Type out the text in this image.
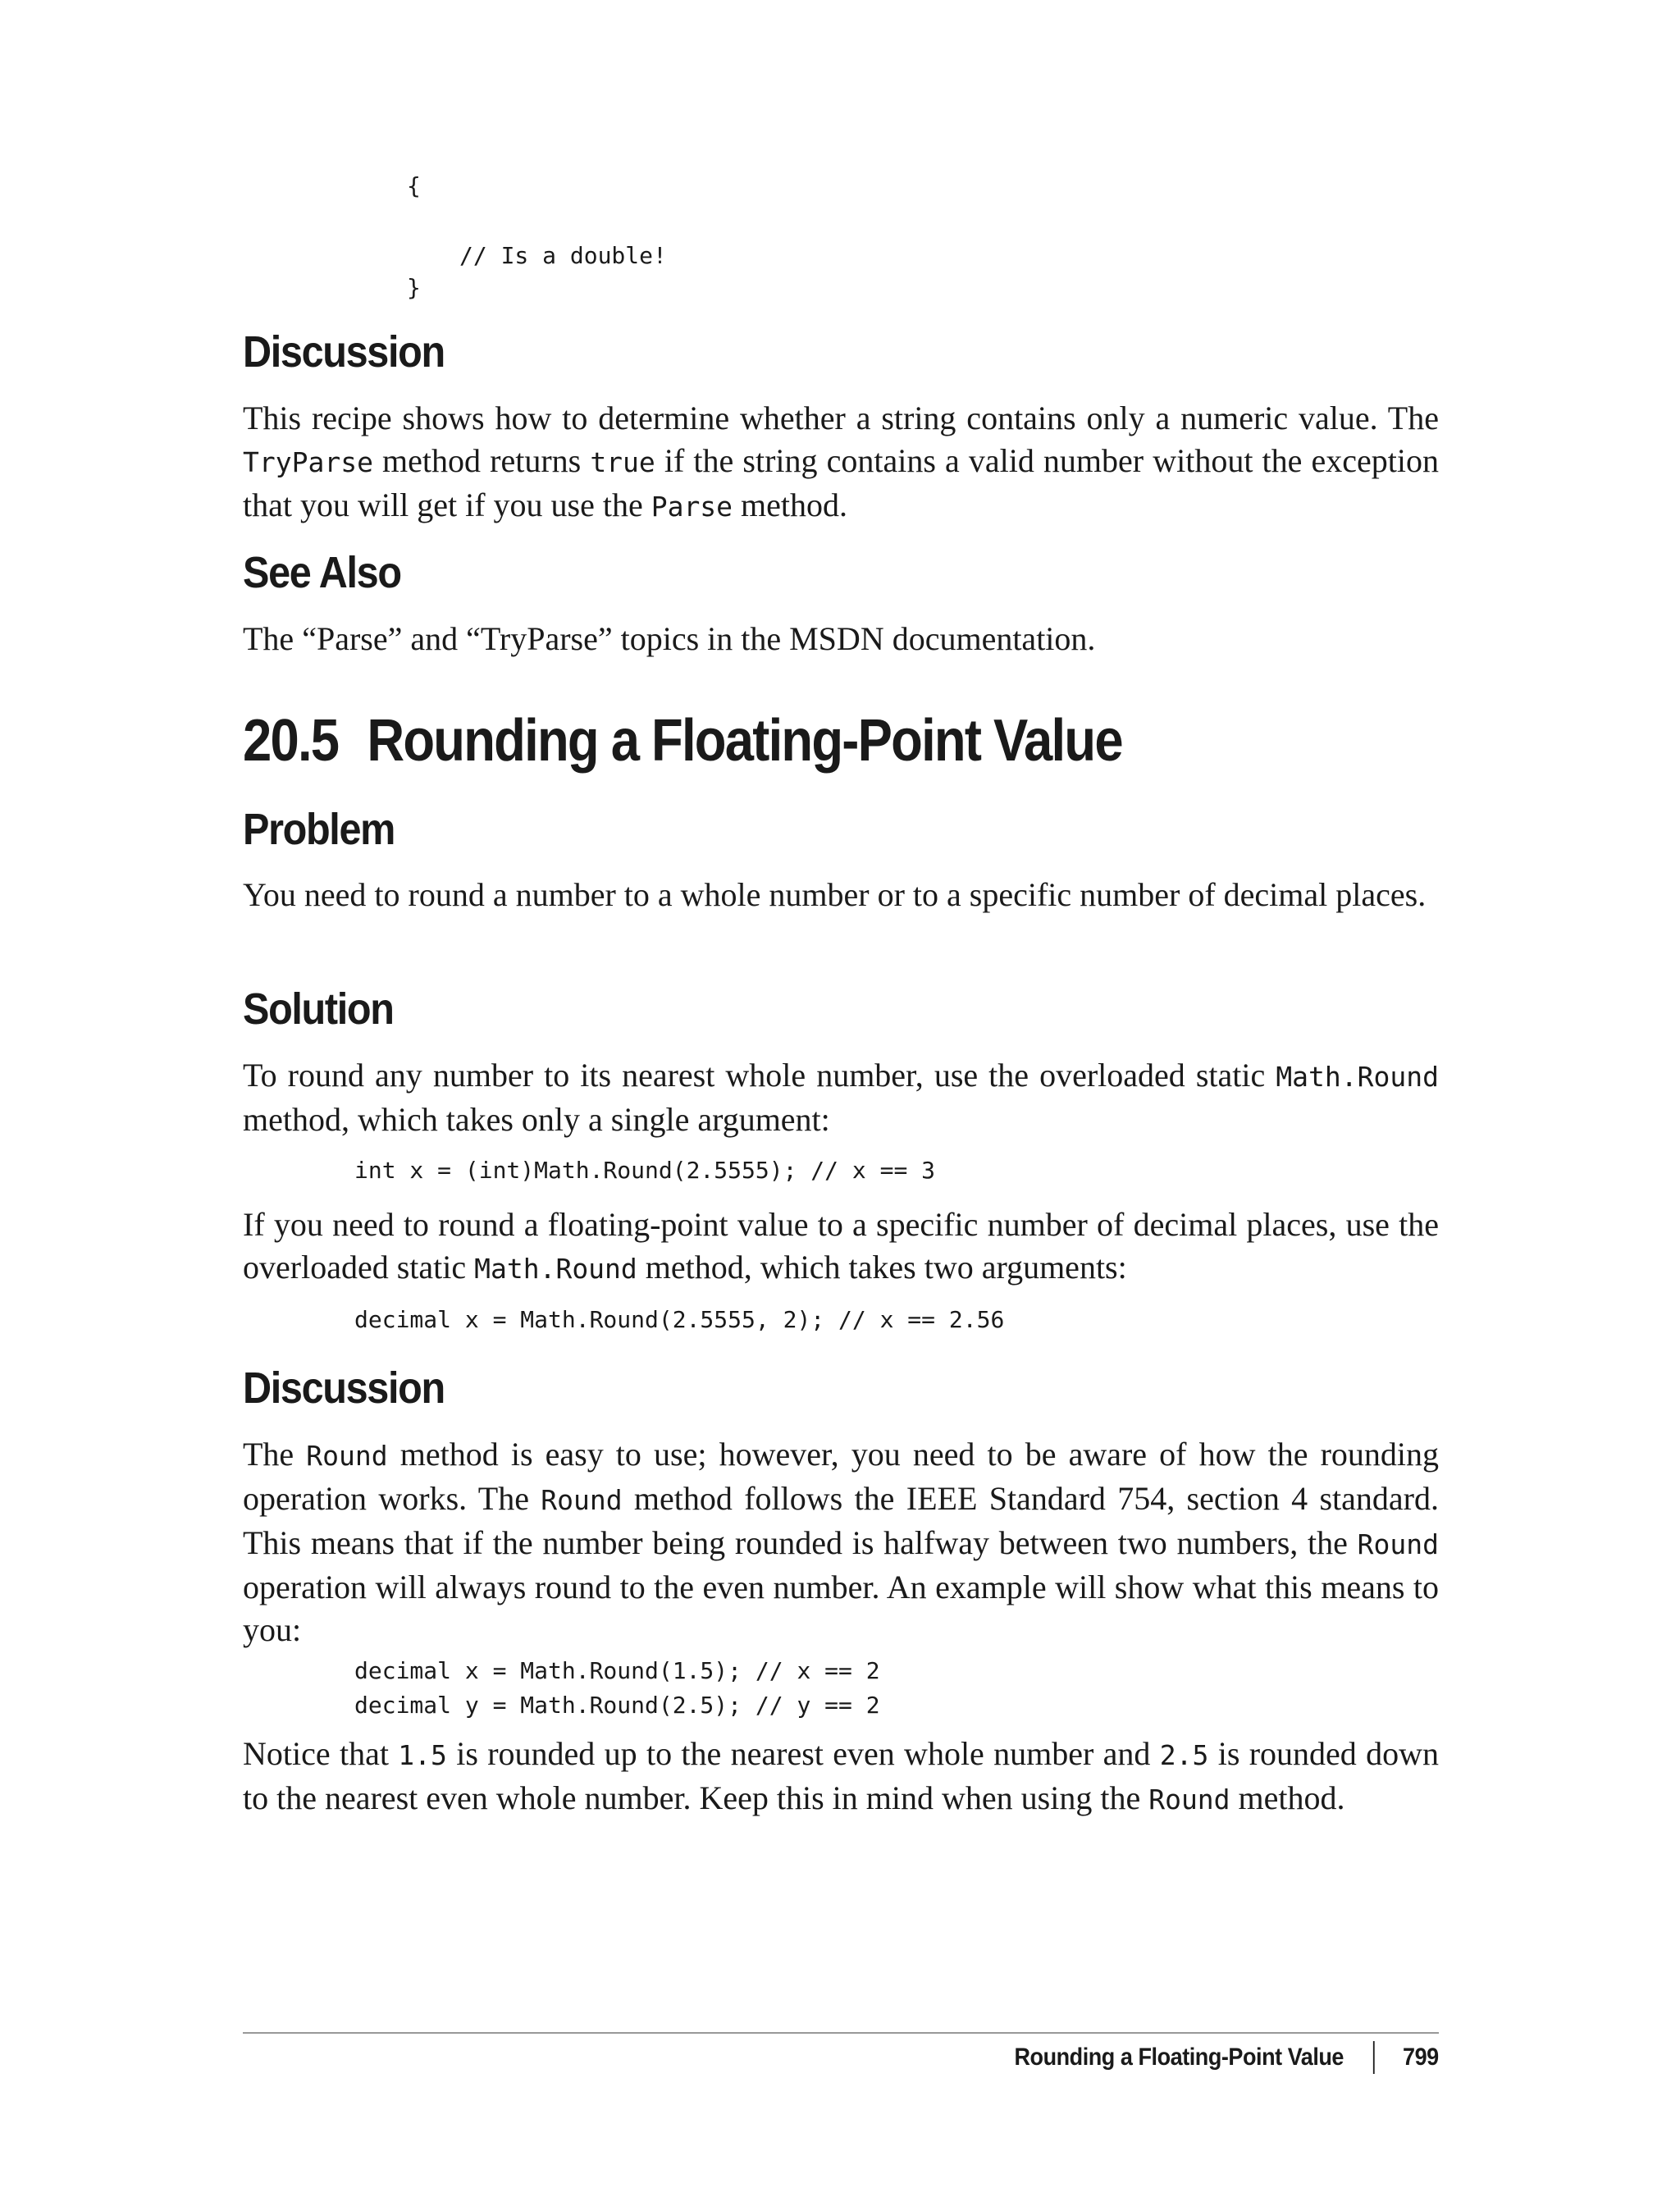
{
// Is a double!
}
Discussion

This recipe shows how to determine whether a string contains only a numeric value. The TryParse method returns true if the string contains a valid number without the exception that you will get if you use the Parse method.

See Also

The “Parse” and “TryParse” topics in the MSDN documentation.

20.5 Rounding a Floating-Point Value
Problem

You need to round a number to a whole number or to a specific number of decimal places.

Solution

To round any number to its nearest whole number, use the overloaded static Math.Round method, which takes only a single argument:

int x = (int)Math.Round(2.5555); // x == 3

If you need to round a floating-point value to a specific number of decimal places, use the overloaded static Math.Round method, which takes two arguments:

decimal x = Math.Round(2.5555, 2); // x == 2.56
Discussion

The Round method is easy to use; however, you need to be aware of how the rounding operation works. The Round method follows the IEEE Standard 754, section 4 standard. This means that if the number being rounded is halfway between two numbers, the Round operation will always round to the even number. An example will show what this means to you:

decimal x = Math.Round(1.5); // x == 2
decimal y = Math.Round(2.5); // y == 2

Notice that 1.5 is rounded up to the nearest even whole number and 2.5 is rounded down to the nearest even whole number. Keep this in mind when using the Round method.

Rounding a Floating-Point Value 799
